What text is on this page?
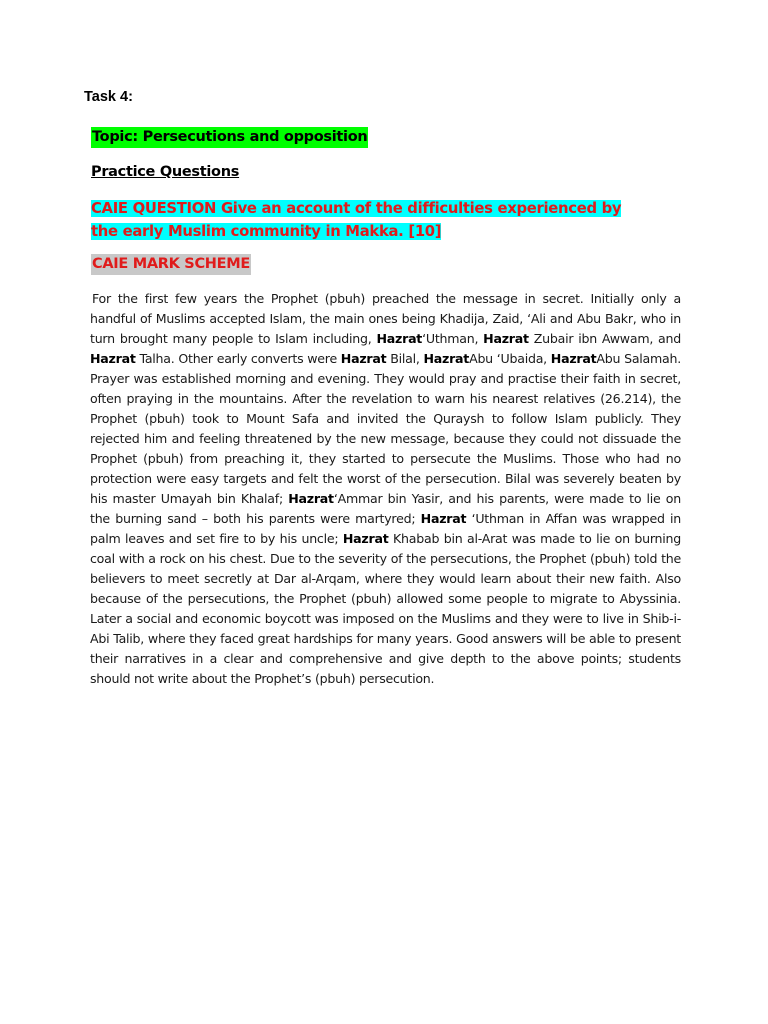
Task 4:
Topic: Persecutions and opposition
Practice Questions
CAIE QUESTION Give an account of the difficulties experienced by the early Muslim community in Makka. [10]
CAIE MARK SCHEME

For the first few years the Prophet (pbuh) preached the message in secret. Initially only a handful of Muslims accepted Islam, the main ones being Khadija, Zaid, ‘Ali and Abu Bakr, who in turn brought many people to Islam including, Hazrat‘Uthman, Hazrat Zubair ibn Awwam, and Hazrat Talha. Other early converts were Hazrat Bilal, HazratAbu ‘Ubaida, HazratAbu Salamah. Prayer was established morning and evening. They would pray and practise their faith in secret, often praying in the mountains. After the revelation to warn his nearest relatives (26.214), the Prophet (pbuh) took to Mount Safa and invited the Quraysh to follow Islam publicly. They rejected him and feeling threatened by the new message, because they could not dissuade the Prophet (pbuh) from preaching it, they started to persecute the Muslims. Those who had no protection were easy targets and felt the worst of the persecution. Bilal was severely beaten by his master Umayah bin Khalaf; Hazrat‘Ammar bin Yasir, and his parents, were made to lie on the burning sand – both his parents were martyred; Hazrat ‘Uthman in Affan was wrapped in palm leaves and set fire to by his uncle; Hazrat Khabab bin al-Arat was made to lie on burning coal with a rock on his chest. Due to the severity of the persecutions, the Prophet (pbuh) told the believers to meet secretly at Dar al-Arqam, where they would learn about their new faith. Also because of the persecutions, the Prophet (pbuh) allowed some people to migrate to Abyssinia. Later a social and economic boycott was imposed on the Muslims and they were to live in Shib-i-Abi Talib, where they faced great hardships for many years. Good answers will be able to present their narratives in a clear and comprehensive and give depth to the above points; students should not write about the Prophet’s (pbuh) persecution.
